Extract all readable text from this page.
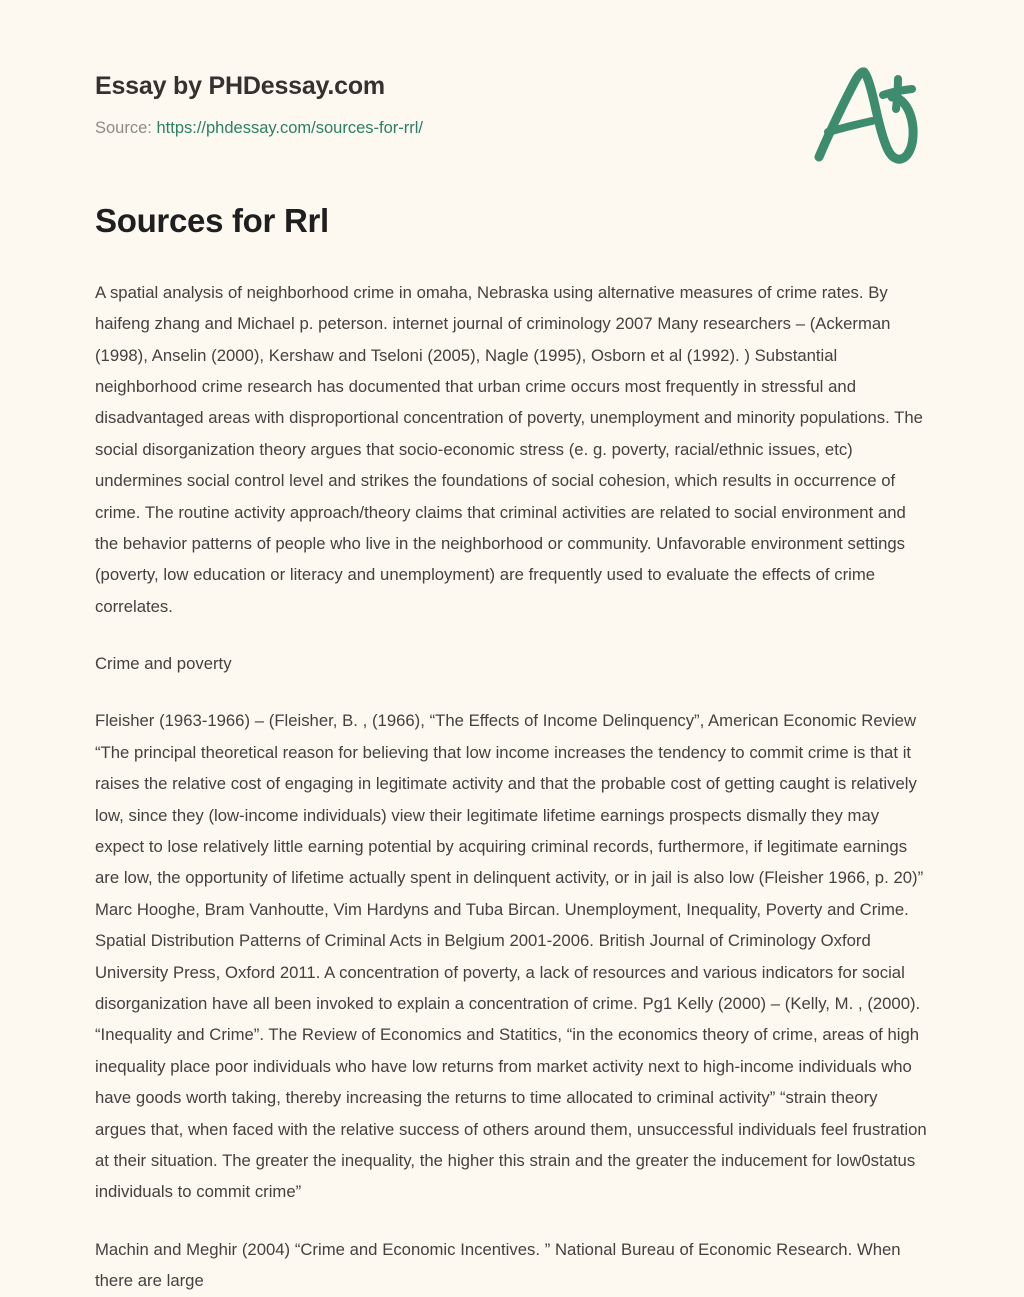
Essay by PHDessay.com
Source: https://phdessay.com/sources-for-rrl/
Sources for Rrl

A spatial analysis of neighborhood crime in omaha, Nebraska using alternative measures of crime rates. By haifeng zhang and Michael p. peterson. internet journal of criminology 2007 Many researchers – (Ackerman (1998), Anselin (2000), Kershaw and Tseloni (2005), Nagle (1995), Osborn et al (1992). ) Substantial neighborhood crime research has documented that urban crime occurs most frequently in stressful and disadvantaged areas with disproportional concentration of poverty, unemployment and minority populations. The social disorganization theory argues that socio-economic stress (e. g. poverty, racial/ethnic issues, etc) undermines social control level and strikes the foundations of social cohesion, which results in occurrence of crime. The routine activity approach/theory claims that criminal activities are related to social environment and the behavior patterns of people who live in the neighborhood or community. Unfavorable environment settings (poverty, low education or literacy and unemployment) are frequently used to evaluate the effects of crime correlates.

Crime and poverty

Fleisher (1963-1966) – (Fleisher, B. , (1966), “The Effects of Income Delinquency”, American Economic Review “The principal theoretical reason for believing that low income increases the tendency to commit crime is that it raises the relative cost of engaging in legitimate activity and that the probable cost of getting caught is relatively low, since they (low-income individuals) view their legitimate lifetime earnings prospects dismally they may expect to lose relatively little earning potential by acquiring criminal records, furthermore, if legitimate earnings are low, the opportunity of lifetime actually spent in delinquent activity, or in jail is also low (Fleisher 1966, p. 20)” Marc Hooghe, Bram Vanhoutte, Vim Hardyns and Tuba Bircan. Unemployment, Inequality, Poverty and Crime. Spatial Distribution Patterns of Criminal Acts in Belgium 2001-2006. British Journal of Criminology Oxford University Press, Oxford 2011. A concentration of poverty, a lack of resources and various indicators for social disorganization have all been invoked to explain a concentration of crime. Pg1 Kelly (2000) – (Kelly, M. , (2000). “Inequality and Crime”. The Review of Economics and Statitics, “in the economics theory of crime, areas of high inequality place poor individuals who have low returns from market activity next to high-income individuals who have goods worth taking, thereby increasing the returns to time allocated to criminal activity” “strain theory argues that, when faced with the relative success of others around them, unsuccessful individuals feel frustration at their situation. The greater the inequality, the higher this strain and the greater the inducement for low0status individuals to commit crime”

Machin and Meghir (2004) “Crime and Economic Incentives. ” National Bureau of Economic Research. When there are large
